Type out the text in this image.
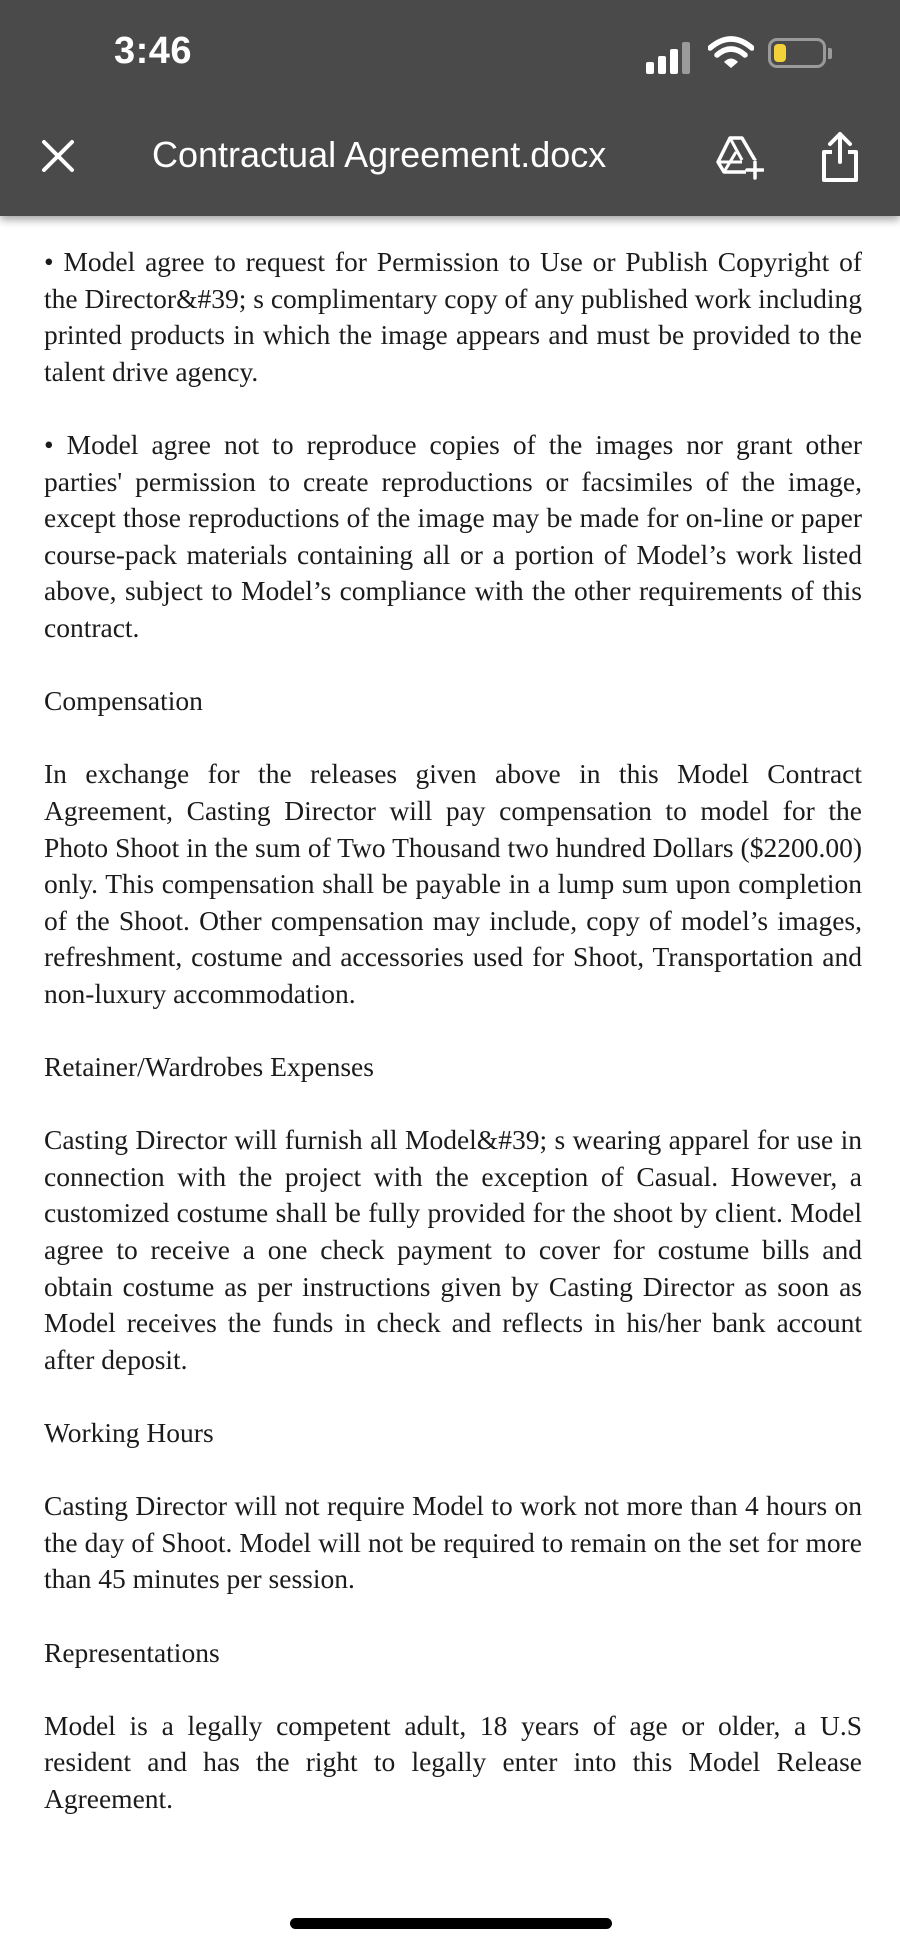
3:46
Contractual Agreement.docx

• Model agree to request for Permission to Use or Publish Copyright of the Director&#39; s complimentary copy of any published work including printed products in which the image appears and must be provided to the talent drive agency.

• Model agree not to reproduce copies of the images nor grant other parties' permission to create reproductions or facsimiles of the image, except those reproductions of the image may be made for on-line or paper course-pack materials containing all or a portion of Model’s work listed above, subject to Model’s compliance with the other requirements of this contract.

Compensation

In exchange for the releases given above in this Model Contract Agreement, Casting Director will pay compensation to model for the Photo Shoot in the sum of Two Thousand two hundred Dollars ($2200.00) only. This compensation shall be payable in a lump sum upon completion of the Shoot. Other compensation may include, copy of model’s images, refreshment, costume and accessories used for Shoot, Transportation and non-luxury accommodation.

Retainer/Wardrobes Expenses

Casting Director will furnish all Model&#39; s wearing apparel for use in connection with the project with the exception of Casual. However, a customized costume shall be fully provided for the shoot by client. Model agree to receive a one check payment to cover for costume bills and obtain costume as per instructions given by Casting Director as soon as Model receives the funds in check and reflects in his/her bank account after deposit.

Working Hours

Casting Director will not require Model to work not more than 4 hours on the day of Shoot. Model will not be required to remain on the set for more than 45 minutes per session.

Representations

Model is a legally competent adult, 18 years of age or older, a U.S resident and has the right to legally enter into this Model Release Agreement.
